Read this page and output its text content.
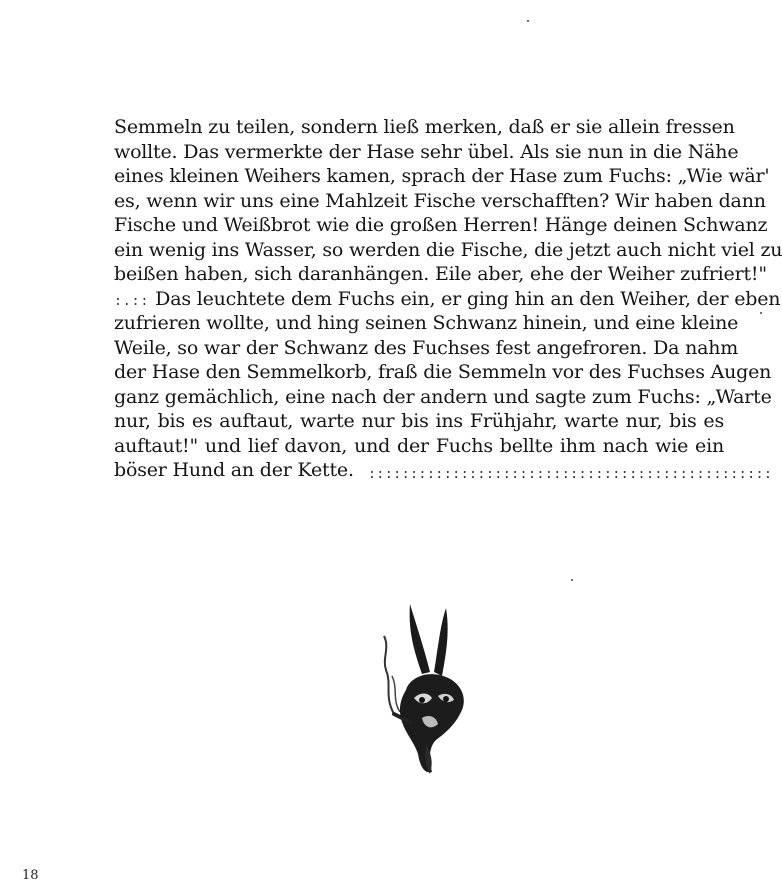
Semmeln zu teilen, sondern ließ merken, daß er sie allein fressen
wollte. Das vermerkte der Hase sehr übel. Als sie nun in die Nähe
eines kleinen Weihers kamen, sprach der Hase zum Fuchs: „Wie wär'
es, wenn wir uns eine Mahlzeit Fische verschafften? Wir haben dann
Fische und Weißbrot wie die großen Herren! Hänge deinen Schwanz
ein wenig ins Wasser, so werden die Fische, die jetzt auch nicht viel zu
beißen haben, sich daranhängen. Eile aber, ehe der Weiher zufriert!"
:.:: Das leuchtete dem Fuchs ein, er ging hin an den Weiher, der eben
zufrieren wollte, und hing seinen Schwanz hinein, und eine kleine
Weile, so war der Schwanz des Fuchses fest angefroren. Da nahm
der Hase den Semmelkorb, fraß die Semmeln vor des Fuchses Augen
ganz gemächlich, eine nach der andern und sagte zum Fuchs: „Warte
nur, bis es auftaut, warte nur bis ins Frühjahr, warte nur, bis es
auftaut!" und lief davon, und der Fuchs bellte ihm nach wie ein
böser Hund an der Kette.	::::::::::::::::::::::::::::::::::::::::::::::::
18
